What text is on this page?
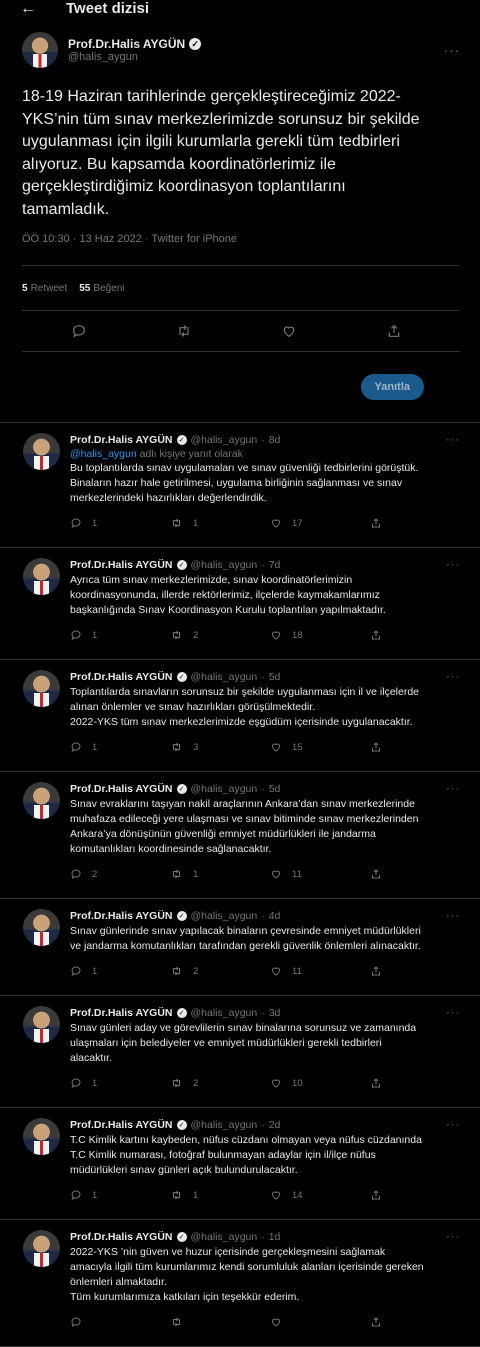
←	Tweet dizisi
Prof.Dr.Halis AYGÜN ✓
@halis_aygun	···
18-19 Haziran tarihlerinde gerçekleştireceğimiz 2022-
YKS’nin tüm sınav merkezlerimizde sorunsuz bir şekilde
uygulanması için ilgili kurumlarla gerekli tüm tedbirleri
alıyoruz. Bu kapsamda koordinatörlerimiz ile
gerçekleştirdiğimiz koordinasyon toplantılarını
tamamladık.
ÖÖ 10:30 · 13 Haz 2022 · Twitter for iPhone
5 Retweet 55 Beğeni
Yanıtla
Prof.Dr.Halis AYGÜN ✓ @halis_aygun · 8d	···
@halis_aygun adlı kişiye yanıt olarak
Bu toplantılarda sınav uygulamaları ve sınav güvenliği tedbirlerini görüştük.
Binaların hazır hale getirilmesi, uygulama birliğinin sağlanması ve sınav
merkezlerindeki hazırlıkları değerlendirdik.
1	1	17
Prof.Dr.Halis AYGÜN ✓ @halis_aygun · 7d	···
Ayrıca tüm sınav merkezlerimizde, sınav koordinatörlerimizin
koordinasyonunda, illerde rektörlerimiz, ilçelerde kaymakamlarımız
başkanlığında Sınav Koordinasyon Kurulu toplantıları yapılmaktadır.
1	2	18
Prof.Dr.Halis AYGÜN ✓ @halis_aygun · 5d	···
Toplantılarda sınavların sorunsuz bir şekilde uygulanması için il ve ilçelerde
alınan önlemler ve sınav hazırlıkları görüşülmektedir.
2022-YKS tüm sınav merkezlerimizde eşgüdüm içerisinde uygulanacaktır.
1	3	15
Prof.Dr.Halis AYGÜN ✓ @halis_aygun · 5d	···
Sınav evraklarını taşıyan nakil araçlarının Ankara’dan sınav merkezlerinde
muhafaza edileceği yere ulaşması ve sınav bitiminde sınav merkezlerinden
Ankara’ya dönüşünün güvenliği emniyet müdürlükleri ile jandarma
komutanlıkları koordinesinde sağlanacaktır.
2	1	11
Prof.Dr.Halis AYGÜN ✓ @halis_aygun · 4d	···
Sınav günlerinde sınav yapılacak binaların çevresinde emniyet müdürlükleri
ve jandarma komutanlıkları tarafından gerekli güvenlik önlemleri alınacaktır.
1	2	11
Prof.Dr.Halis AYGÜN ✓ @halis_aygun · 3d	···
Sınav günleri aday ve görevlilerin sınav binalarına sorunsuz ve zamanında
ulaşmaları için belediyeler ve emniyet müdürlükleri gerekli tedbirleri
alacaktır.
1	2	10
Prof.Dr.Halis AYGÜN ✓ @halis_aygun · 2d	···
T.C Kimlik kartını kaybeden, nüfus cüzdanı olmayan veya nüfus cüzdanında
T.C Kimlik numarası, fotoğraf bulunmayan adaylar için il/ilçe nüfus
müdürlükleri sınav günleri açık bulundurulacaktır.
1	1	14
Prof.Dr.Halis AYGÜN ✓ @halis_aygun · 1d	···
2022-YKS ’nin güven ve huzur içerisinde gerçekleşmesini sağlamak
amacıyla ilgili tüm kurumlarımız kendi sorumluluk alanları içerisinde gereken
önlemleri almaktadır.
Tüm kurumlarımıza katkıları için teşekkür ederim.
